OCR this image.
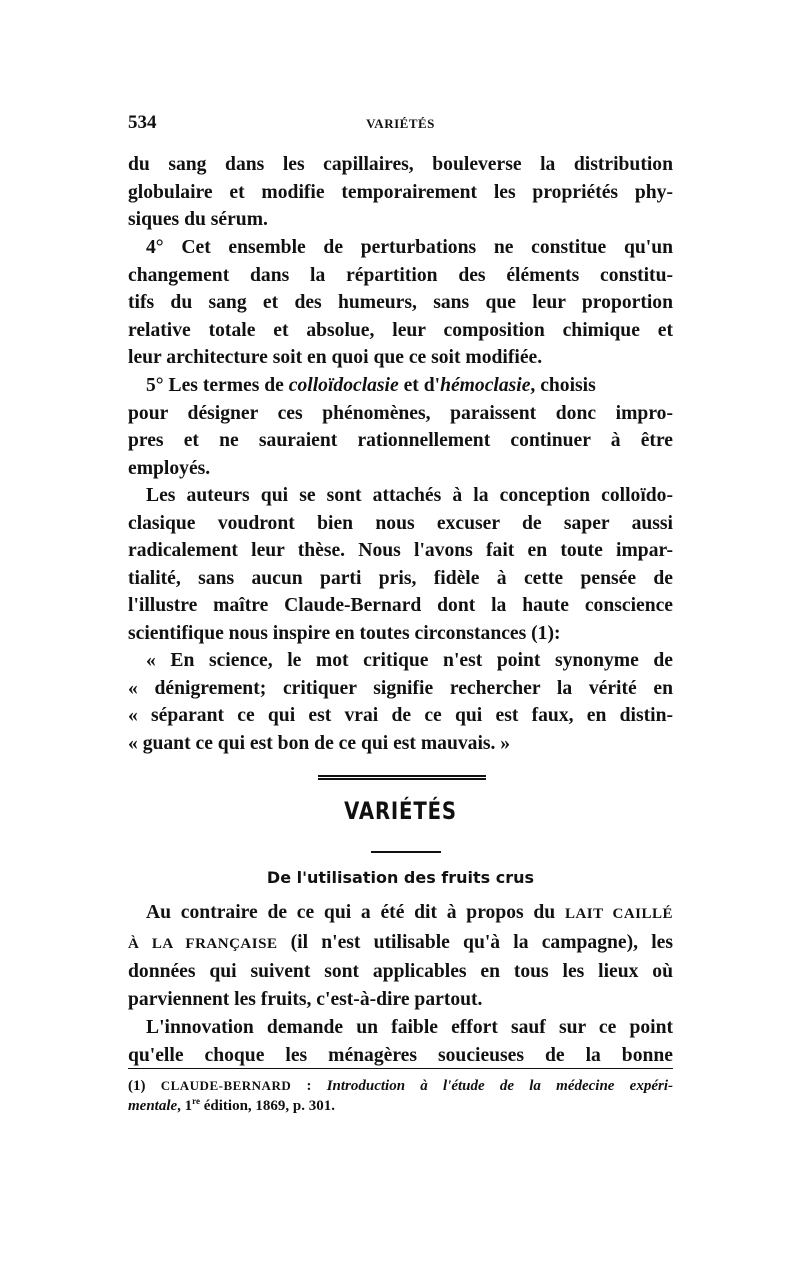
534	VARIÉTÉS
du sang dans les capillaires, bouleverse la distribution
globulaire et modifie temporairement les propriétés phy-
siques du sérum.
4° Cet ensemble de perturbations ne constitue qu'un
changement dans la répartition des éléments constitu-
tifs du sang et des humeurs, sans que leur proportion
relative totale et absolue, leur composition chimique et
leur architecture soit en quoi que ce soit modifiée.
5° Les termes de colloïdoclasie et d'hémoclasie, choisis
pour désigner ces phénomènes, paraissent donc impro-
pres et ne sauraient rationnellement continuer à être
employés.
Les auteurs qui se sont attachés à la conception colloïdo-
clasique voudront bien nous excuser de saper aussi
radicalement leur thèse. Nous l'avons fait en toute impar-
tialité, sans aucun parti pris, fidèle à cette pensée de
l'illustre maître Claude-Bernard dont la haute conscience
scientifique nous inspire en toutes circonstances (1):
« En science, le mot critique n'est point synonyme de
« dénigrement; critiquer signifie rechercher la vérité en
« séparant ce qui est vrai de ce qui est faux, en distin-
« guant ce qui est bon de ce qui est mauvais. »
VARIÉTÉS
De l'utilisation des fruits crus
Au contraire de ce qui a été dit à propos du LAIT CAILLÉ
À LA FRANÇAISE (il n'est utilisable qu'à la campagne), les
données qui suivent sont applicables en tous les lieux où
parviennent les fruits, c'est-à-dire partout.
L'innovation demande un faible effort sauf sur ce point
qu'elle choque les ménagères soucieuses de la bonne
(1) CLAUDE-BERNARD : Introduction à l'étude de la médecine expéri-
mentale, 1re édition, 1869, p. 301.
